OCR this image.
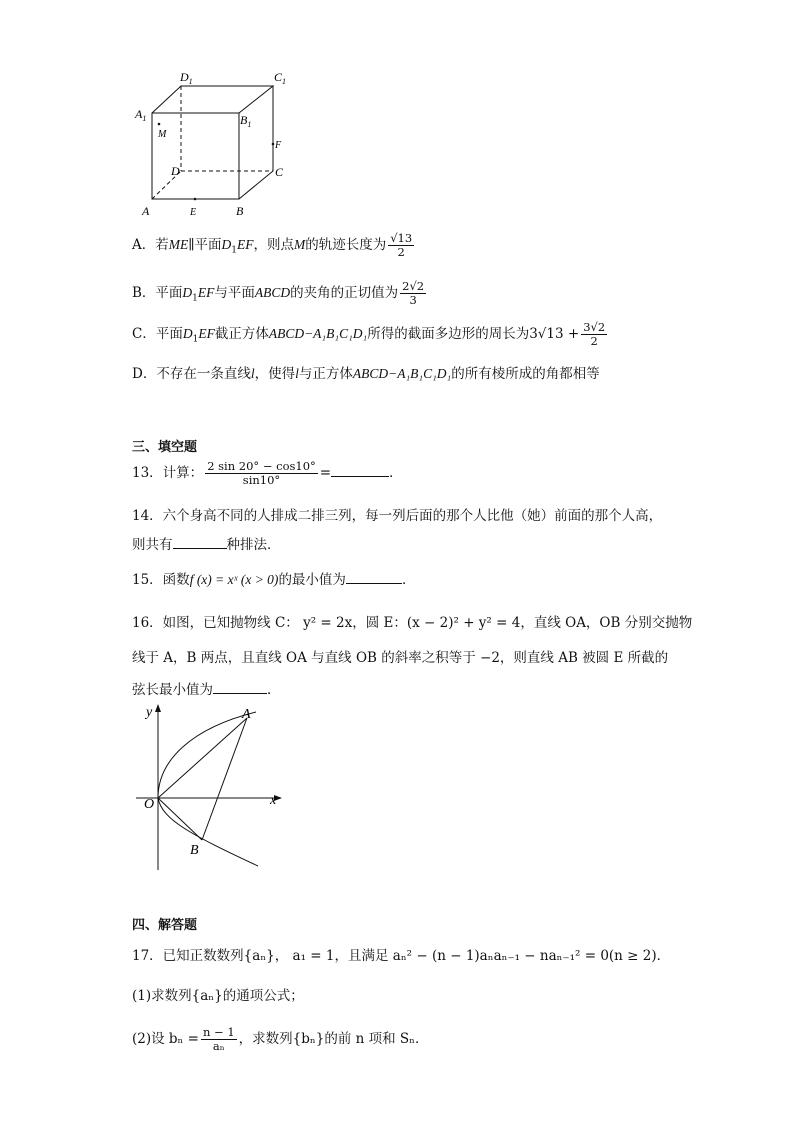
$D_1$	$C_1$
$A_1$	$B_1$
M
F
D	C
A	E	B
A．若ME∥平面$D_1EF$，则点M的轨迹长度为 $\frac{√13}{2}$
B．平面$D_1EF$与平面ABCD的夹角的正切值为 $\frac{2√2}{3}$
C．平面$D_1EF$截正方体ABCD−A₁B₁C₁D₁所得的截面多边形的周长为$3√13 + \frac{3√2}{2}$
D．不存在一条直线l，使得l与正方体ABCD−A₁B₁C₁D₁的所有棱所成的角都相等
三、填空题
13．计算： $\frac{2 \sin 20^\circ - \cos 10^\circ}{\sin 10^\circ}$ =	．
14．六个身高不同的人排成二排三列，每一列后面的那个人比他（她）前面的那个人高，
则共有	种排法．
15．函数f (x) = xˣ (x > 0)的最小值为	．
16．如图，已知抛物线 C： y² = 2x，圆 E：(x − 2)² + y² = 4，直线 OA，OB 分别交抛物
线于 A，B 两点，且直线 OA 与直线 OB 的斜率之积等于 −2，则直线 AB 被圆 E 所截的
弦长最小值为	．
y
x
O
A
B
四、解答题
17．已知正数数列{aₙ}， a₁ = 1，且满足 aₙ² − (n − 1)aₙaₙ₋₁ − naₙ₋₁² = 0(n ≥ 2)．
(1)求数列{aₙ}的通项公式；
(2)设 $b_n = \frac{n - 1}{\text{aₙ}}$ ，求数列{bₙ}的前 n 项和 Sₙ．
